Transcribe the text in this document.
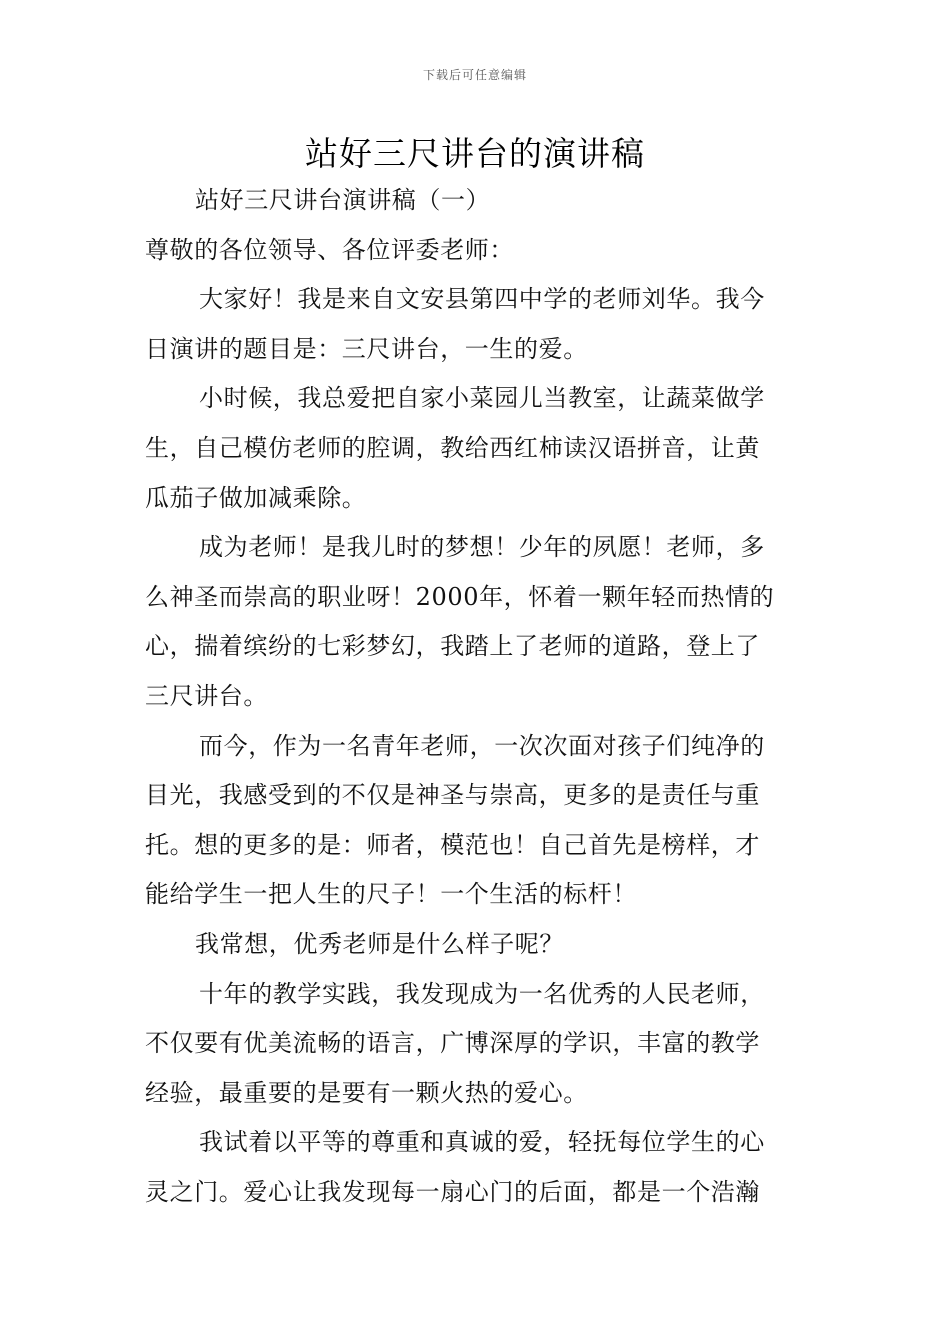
下载后可任意编辑
站好三尺讲台的演讲稿
站好三尺讲台演讲稿（一）
尊敬的各位领导、各位评委老师：
大家好！我是来自文安县第四中学的老师刘华。我今
日演讲的题目是：三尺讲台，一生的爱。
小时候，我总爱把自家小菜园儿当教室，让蔬菜做学
生，自己模仿老师的腔调，教给西红柿读汉语拼音，让黄
瓜茄子做加减乘除。
成为老师！是我儿时的梦想！少年的夙愿！老师，多
么神圣而崇高的职业呀！2000年，怀着一颗年轻而热情的
心，揣着缤纷的七彩梦幻，我踏上了老师的道路，登上了
三尺讲台。
而今，作为一名青年老师，一次次面对孩子们纯净的
目光，我感受到的不仅是神圣与崇高，更多的是责任与重
托。想的更多的是：师者，模范也！自己首先是榜样，才
能给学生一把人生的尺子！一个生活的标杆！
我常想，优秀老师是什么样子呢？
十年的教学实践，我发现成为一名优秀的人民老师，
不仅要有优美流畅的语言，广博深厚的学识，丰富的教学
经验，最重要的是要有一颗火热的爱心。
我试着以平等的尊重和真诚的爱，轻抚每位学生的心
灵之门。爱心让我发现每一扇心门的后面，都是一个浩瀚
